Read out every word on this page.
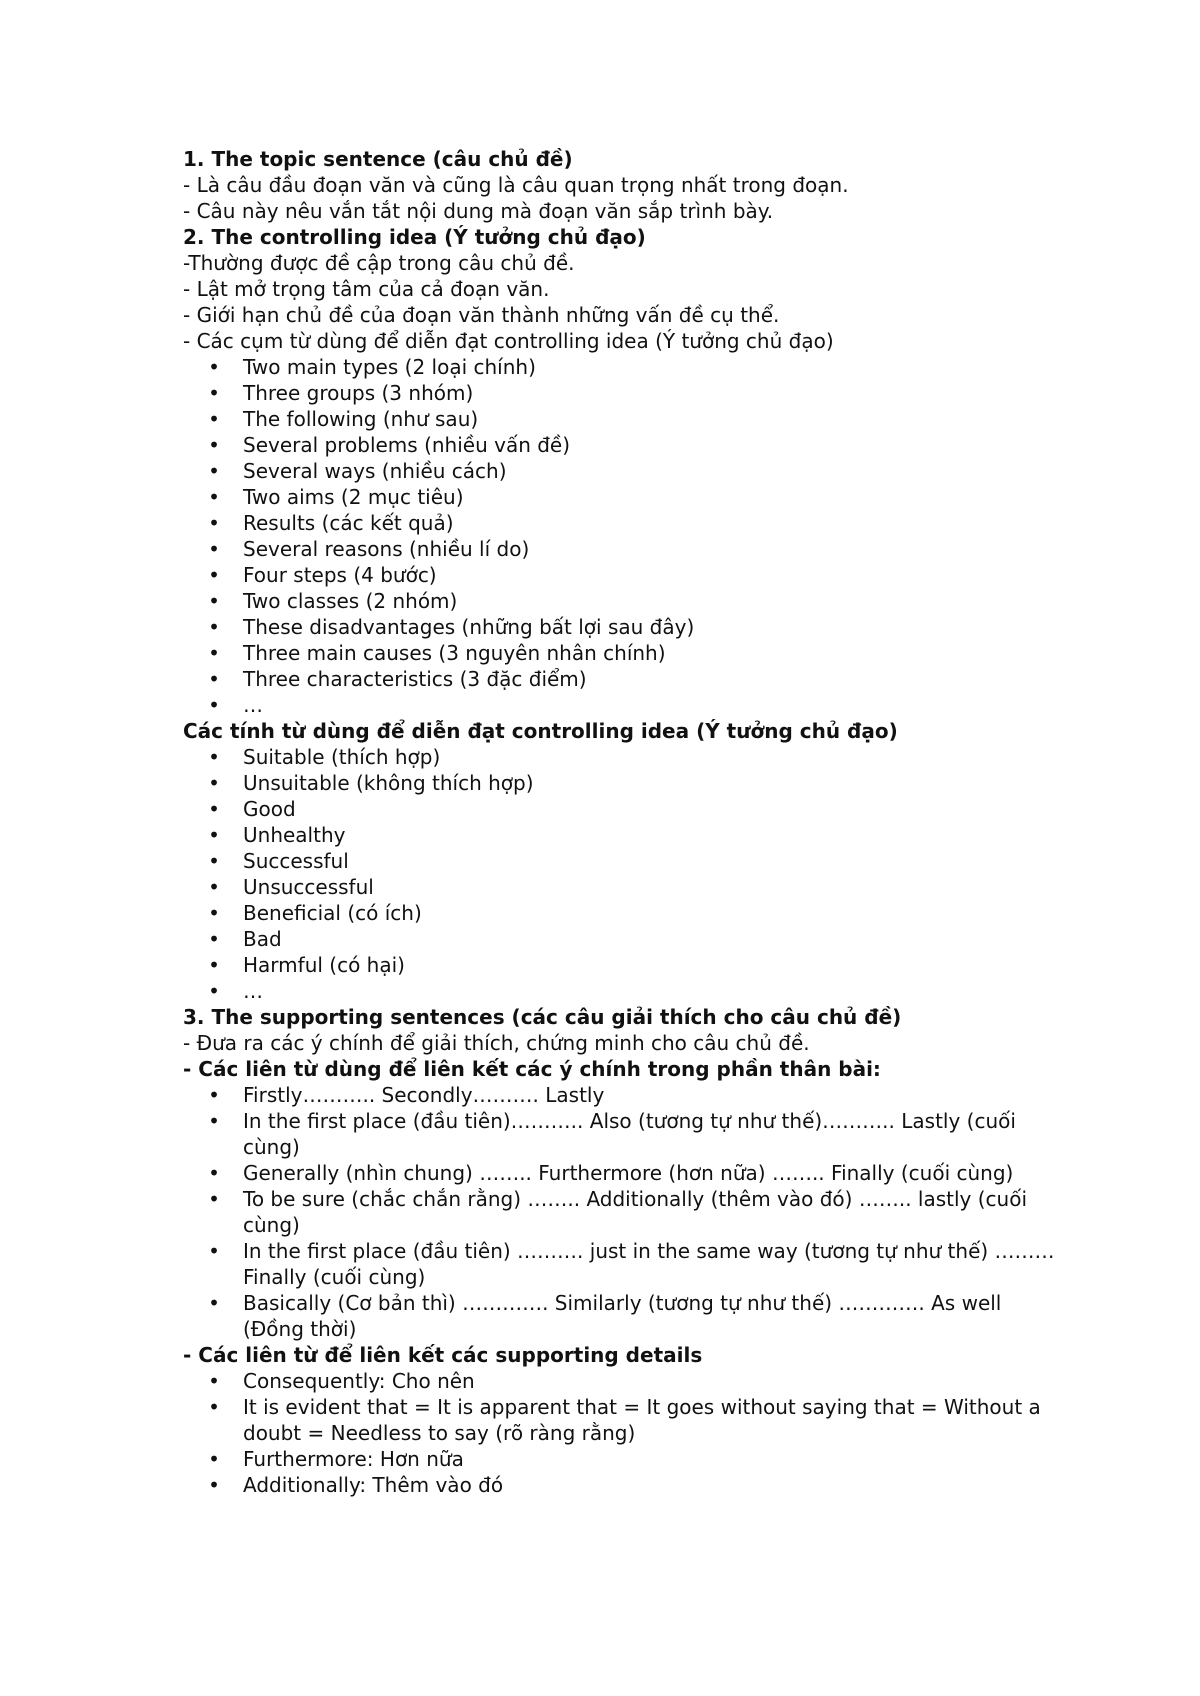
1. The topic sentence (câu chủ đề)

- Là câu đầu đoạn văn và cũng là câu quan trọng nhất trong đoạn.

- Câu này nêu vắn tắt nội dung mà đoạn văn sắp trình bày.

2. The controlling idea (Ý tưởng chủ đạo)

-Thường được đề cập trong câu chủ đề.

- Lật mở trọng tâm của cả đoạn văn.

- Giới hạn chủ đề của đoạn văn thành những vấn đề cụ thể.

- Các cụm từ dùng để diễn đạt controlling idea (Ý tưởng chủ đạo)

• Two main types (2 loại chính)
• Three groups (3 nhóm)
• The following (như sau)
• Several problems (nhiều vấn đề)
• Several ways (nhiều cách)
• Two aims (2 mục tiêu)
• Results (các kết quả)
• Several reasons (nhiều lí do)
• Four steps (4 bước)
• Two classes (2 nhóm)
• These disadvantages (những bất lợi sau đây)
• Three main causes (3 nguyên nhân chính)
• Three characteristics (3 đặc điểm)
• …

Các tính từ dùng để diễn đạt controlling idea (Ý tưởng chủ đạo)

• Suitable (thích hợp)
• Unsuitable (không thích hợp)
• Good
• Unhealthy
• Successful
• Unsuccessful
• Beneficial (có ích)
• Bad
• Harmful (có hại)
• …

3. The supporting sentences (các câu giải thích cho câu chủ đề)

- Đưa ra các ý chính để giải thích, chứng minh cho câu chủ đề.

- Các liên từ dùng để liên kết các ý chính trong phần thân bài:

• Firstly……….. Secondly………. Lastly
• In the first place (đầu tiên)……….. Also (tương tự như thế)……….. Lastly (cuối cùng)
• Generally (nhìn chung) …….. Furthermore (hơn nữa) …….. Finally (cuối cùng)
• To be sure (chắc chắn rằng) …….. Additionally (thêm vào đó) …….. lastly (cuối cùng)
• In the first place (đầu tiên) ………. just in the same way (tương tự như thế) ……… Finally (cuối cùng)
• Basically (Cơ bản thì) …………. Similarly (tương tự như thế) …………. As well (Đồng thời)

- Các liên từ để liên kết các supporting details

• Consequently: Cho nên
• It is evident that = It is apparent that = It goes without saying that = Without a doubt = Needless to say (rõ ràng rằng)
• Furthermore: Hơn nữa
• Additionally: Thêm vào đó
